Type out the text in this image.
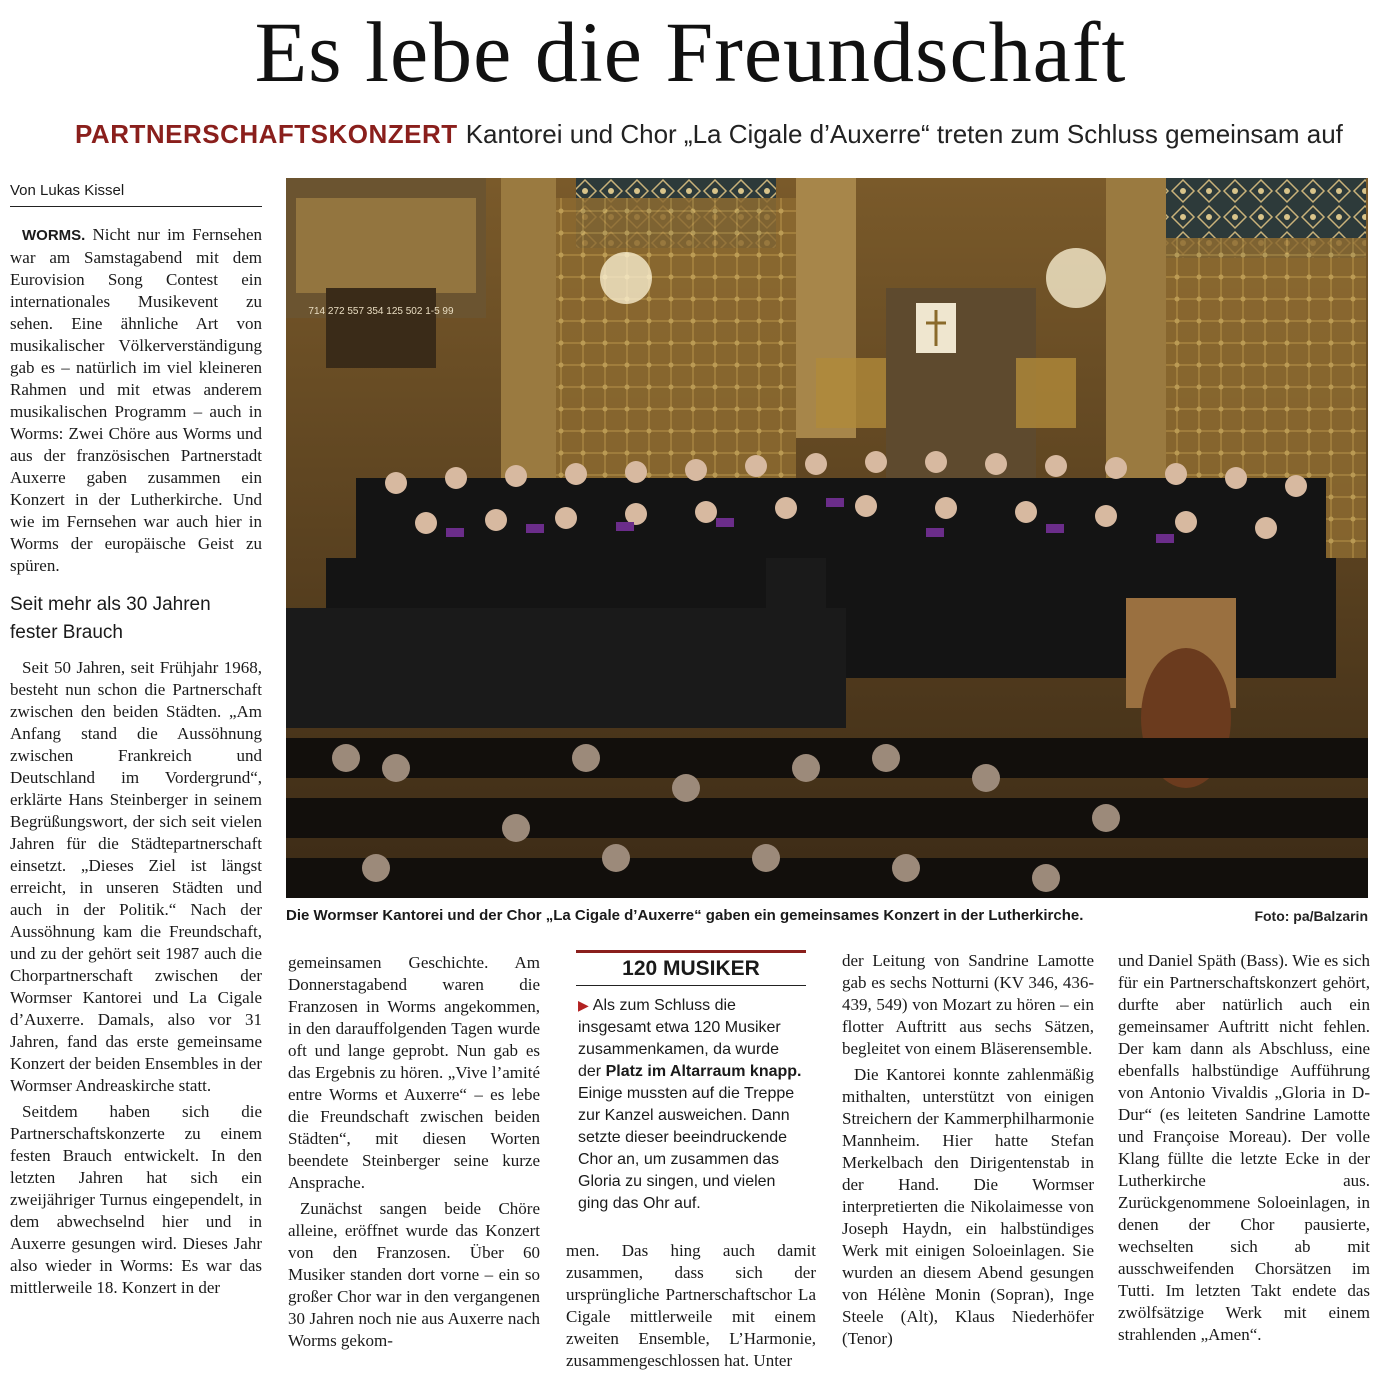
Es lebe die Freundschaft
PARTNERSCHAFTSKONZERT Kantorei und Chor „La Cigale d’Auxerre“ treten zum Schluss gemeinsam auf
Von Lukas Kissel

WORMS. Nicht nur im Fernsehen war am Samstagabend mit dem Eurovision Song Contest ein internationales Musikevent zu sehen. Eine ähnliche Art von musikalischer Völkerverständigung gab es – natürlich im viel kleineren Rahmen und mit etwas anderem musikalischen Programm – auch in Worms: Zwei Chöre aus Worms und aus der französischen Partnerstadt Auxerre gaben zusammen ein Konzert in der Lutherkirche. Und wie im Fernsehen war auch hier in Worms der europäische Geist zu spüren.

Seit mehr als 30 Jahren fester Brauch

Seit 50 Jahren, seit Frühjahr 1968, besteht nun schon die Partnerschaft zwischen den beiden Städten. „Am Anfang stand die Aussöhnung zwischen Frankreich und Deutschland im Vordergrund“, erklärte Hans Steinberger in seinem Begrüßungswort, der sich seit vielen Jahren für die Städtepartnerschaft einsetzt. „Dieses Ziel ist längst erreicht, in unseren Städten und auch in der Politik.“ Nach der Aussöhnung kam die Freundschaft, und zu der gehört seit 1987 auch die Chorpartnerschaft zwischen der Wormser Kantorei und La Cigale d’Auxerre. Damals, also vor 31 Jahren, fand das erste gemeinsame Konzert der beiden Ensembles in der Wormser Andreaskirche statt.

Seitdem haben sich die Partnerschaftskonzerte zu einem festen Brauch entwickelt. In den letzten Jahren hat sich ein zweijähriger Turnus eingependelt, in dem abwechselnd hier und in Auxerre gesungen wird. Dieses Jahr also wieder in Worms: Es war das mittlerweile 18. Konzert in der

714 272 557 354 125 502 1-5 99
Die Wormser Kantorei und der Chor „La Cigale d’Auxerre“ gaben ein gemeinsames Konzert in der Lutherkirche.	Foto: pa/Balzarin

gemeinsamen Geschichte. Am Donnerstagabend waren die Franzosen in Worms angekommen, in den darauffolgenden Tagen wurde oft und lange geprobt. Nun gab es das Ergebnis zu hören. „Vive l’amité entre Worms et Auxerre“ – es lebe die Freundschaft zwischen beiden Städten“, mit diesen Worten beendete Steinberger seine kurze Ansprache.

Zunächst sangen beide Chöre alleine, eröffnet wurde das Konzert von den Franzosen. Über 60 Musiker standen dort vorne – ein so großer Chor war in den vergangenen 30 Jahren noch nie aus Auxerre nach Worms gekom-

120 MUSIKER
▶ Als zum Schluss die insgesamt etwa 120 Musiker zusammenkamen, da wurde der Platz im Altarraum knapp. Einige mussten auf die Treppe zur Kanzel ausweichen. Dann setzte dieser beeindruckende Chor an, um zusammen das Gloria zu singen, und vielen ging das Ohr auf.

men. Das hing auch damit zusammen, dass sich der ursprüngliche Partnerschaftschor La Cigale mittlerweile mit einem zweiten Ensemble, L’Harmonie, zusammengeschlossen hat. Unter

der Leitung von Sandrine Lamotte gab es sechs Notturni (KV 346, 436-439, 549) von Mozart zu hören – ein flotter Auftritt aus sechs Sätzen, begleitet von einem Bläserensemble.

Die Kantorei konnte zahlenmäßig mithalten, unterstützt von einigen Streichern der Kammerphilharmonie Mannheim. Hier hatte Stefan Merkelbach den Dirigentenstab in der Hand. Die Wormser interpretierten die Nikolaimesse von Joseph Haydn, ein halbstündiges Werk mit einigen Soloeinlagen. Sie wurden an diesem Abend gesungen von Hélène Monin (Sopran), Inge Steele (Alt), Klaus Niederhöfer (Tenor)

und Daniel Späth (Bass). Wie es sich für ein Partnerschaftskonzert gehört, durfte aber natürlich auch ein gemeinsamer Auftritt nicht fehlen. Der kam dann als Abschluss, eine ebenfalls halbstündige Aufführung von Antonio Vivaldis „Gloria in D-Dur“ (es leiteten Sandrine Lamotte und Françoise Moreau). Der volle Klang füllte die letzte Ecke in der Lutherkirche aus. Zurückgenommene Soloeinlagen, in denen der Chor pausierte, wechselten sich ab mit ausschweifenden Chorsätzen im Tutti. Im letzten Takt endete das zwölfsätzige Werk mit einem strahlenden „Amen“.
